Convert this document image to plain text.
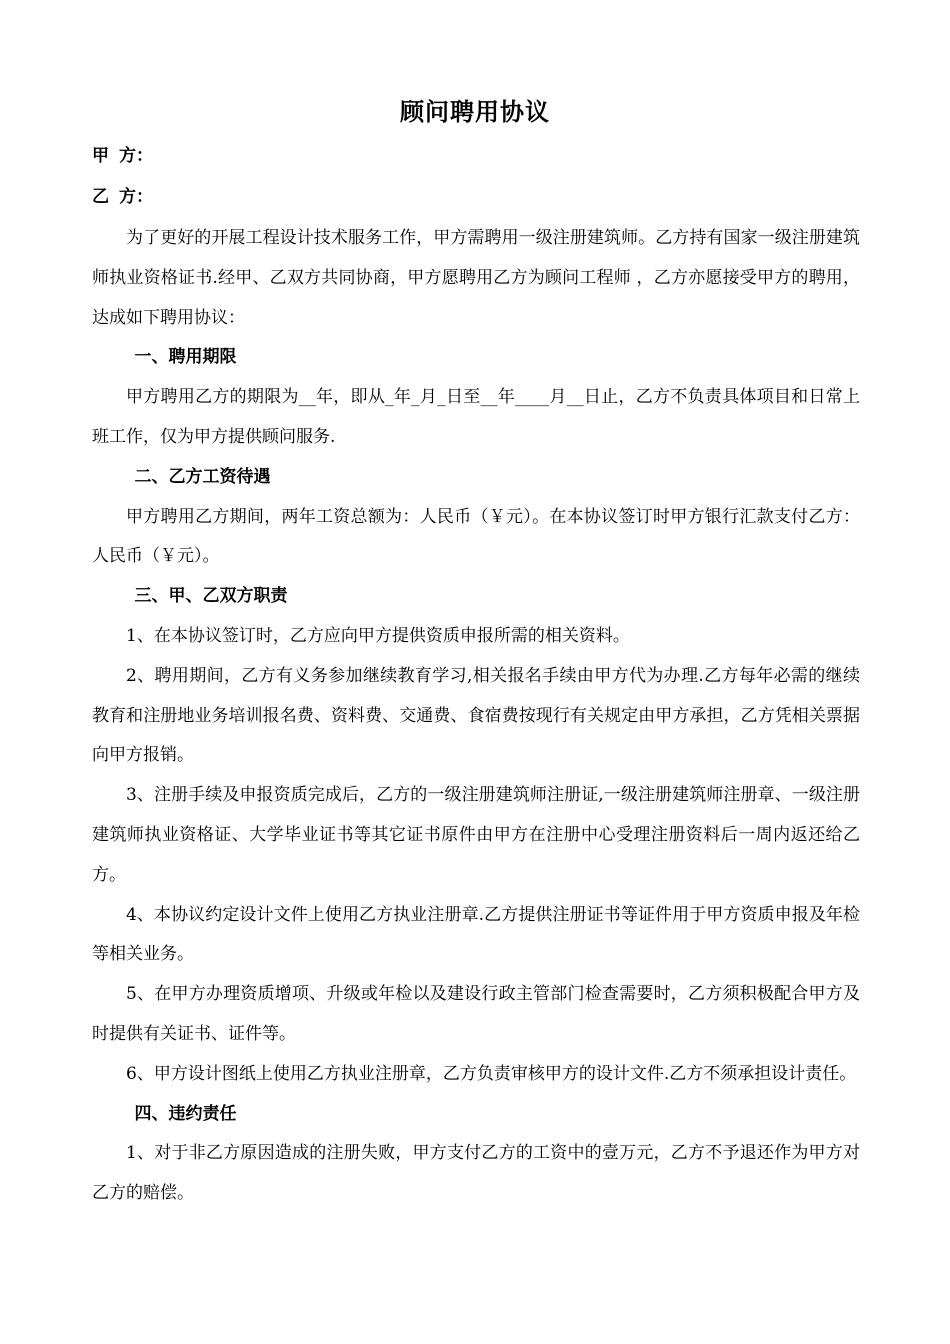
顾问聘用协议
甲方：
乙方：

为了更好的开展工程设计技术服务工作，甲方需聘用一级注册建筑师。乙方持有国家一级注册建筑师执业资格证书.经甲、乙双方共同协商，甲方愿聘用乙方为顾问工程师 ，乙方亦愿接受甲方的聘用，达成如下聘用协议：

一、聘用期限

甲方聘用乙方的期限为__年，即从_年_月_日至__年____月__日止，乙方不负责具体项目和日常上班工作，仅为甲方提供顾问服务.

二、乙方工资待遇

甲方聘用乙方期间，两年工资总额为：人民币（￥元）。在本协议签订时甲方银行汇款支付乙方：人民币（￥元）。

三、甲、乙双方职责

1、在本协议签订时，乙方应向甲方提供资质申报所需的相关资料。

2、聘用期间，乙方有义务参加继续教育学习,相关报名手续由甲方代为办理.乙方每年必需的继续教育和注册地业务培训报名费、资料费、交通费、食宿费按现行有关规定由甲方承担，乙方凭相关票据向甲方报销。

3、注册手续及申报资质完成后，乙方的一级注册建筑师注册证,一级注册建筑师注册章、一级注册建筑师执业资格证、大学毕业证书等其它证书原件由甲方在注册中心受理注册资料后一周内返还给乙方。

4、本协议约定设计文件上使用乙方执业注册章.乙方提供注册证书等证件用于甲方资质申报及年检等相关业务。

5、在甲方办理资质增项、升级或年检以及建设行政主管部门检查需要时，乙方须积极配合甲方及时提供有关证书、证件等。

6、甲方设计图纸上使用乙方执业注册章，乙方负责审核甲方的设计文件.乙方不须承担设计责任。

四、违约责任

1、对于非乙方原因造成的注册失败，甲方支付乙方的工资中的壹万元，乙方不予退还作为甲方对乙方的赔偿。
